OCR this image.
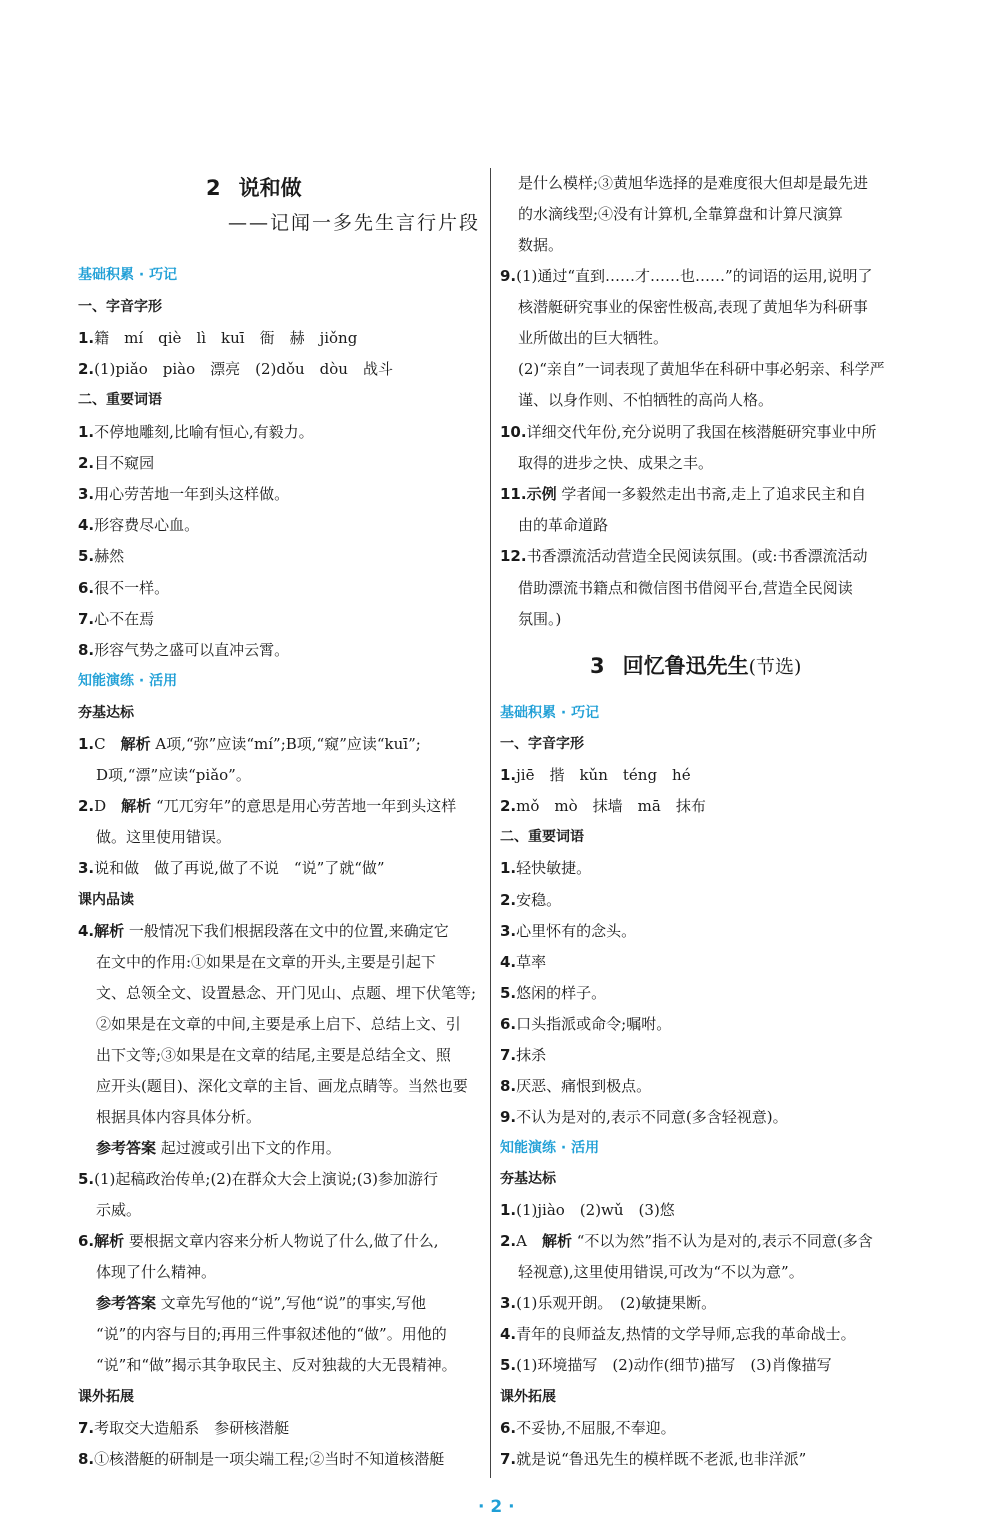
2 说和做
——记闻一多先生言行片段
基础积累 · 巧记
一、字音字形
1.籍　mí　qiè　lì　kuī　衙　赫　jiǒng
2.(1)piǎo　piào　漂亮　(2)dǒu　dòu　战斗
二、重要词语
1.不停地雕刻,比喻有恒心,有毅力。
2.目不窥园
3.用心劳苦地一年到头这样做。
4.形容费尽心血。
5.赫然
6.很不一样。
7.心不在焉
8.形容气势之盛可以直冲云霄。
知能演练 · 活用
夯基达标
1.C　解析 A项,“弥”应读“mí”;B项,“窥”应读“kuī”;
D项,“漂”应读“piǎo”。
2.D　解析 “兀兀穷年”的意思是用心劳苦地一年到头这样
做。这里使用错误。
3.说和做　做了再说,做了不说　“说”了就“做”
课内品读
4.解析 一般情况下我们根据段落在文中的位置,来确定它
在文中的作用:①如果是在文章的开头,主要是引起下
文、总领全文、设置悬念、开门见山、点题、埋下伏笔等;
②如果是在文章的中间,主要是承上启下、总结上文、引
出下文等;③如果是在文章的结尾,主要是总结全文、照
应开头(题目)、深化文章的主旨、画龙点睛等。当然也要
根据具体内容具体分析。
参考答案 起过渡或引出下文的作用。
5.(1)起稿政治传单;(2)在群众大会上演说;(3)参加游行
示威。
6.解析 要根据文章内容来分析人物说了什么,做了什么,
体现了什么精神。
参考答案 文章先写他的“说”,写他“说”的事实,写他
“说”的内容与目的;再用三件事叙述他的“做”。用他的
“说”和“做”揭示其争取民主、反对独裁的大无畏精神。
课外拓展
7.考取交大造船系　参研核潜艇
8.①核潜艇的研制是一项尖端工程;②当时不知道核潜艇
是什么模样;③黄旭华选择的是难度很大但却是最先进
的水滴线型;④没有计算机,全靠算盘和计算尺演算
数据。
9.(1)通过“直到……才……也……”的词语的运用,说明了
核潜艇研究事业的保密性极高,表现了黄旭华为科研事
业所做出的巨大牺牲。
(2)“亲自”一词表现了黄旭华在科研中事必躬亲、科学严
谨、以身作则、不怕牺牲的高尚人格。
10.详细交代年份,充分说明了我国在核潜艇研究事业中所
取得的进步之快、成果之丰。
11.示例 学者闻一多毅然走出书斋,走上了追求民主和自
由的革命道路
12.书香漂流活动营造全民阅读氛围。(或:书香漂流活动
借助漂流书籍点和微信图书借阅平台,营造全民阅读
氛围。)
3 回忆鲁迅先生(节选)
基础积累 · 巧记
一、字音字形
1.jiē　揩　kǔn　téng　hé
2.mǒ　mò　抹墙　mā　抹布
二、重要词语
1.轻快敏捷。
2.安稳。
3.心里怀有的念头。
4.草率
5.悠闲的样子。
6.口头指派或命令;嘱咐。
7.抹杀
8.厌恶、痛恨到极点。
9.不认为是对的,表示不同意(多含轻视意)。
知能演练 · 活用
夯基达标
1.(1)jiào　(2)wǔ　(3)悠
2.A　解析 “不以为然”指不认为是对的,表示不同意(多含
轻视意),这里使用错误,可改为“不以为意”。
3.(1)乐观开朗。　(2)敏捷果断。
4.青年的良师益友,热情的文学导师,忘我的革命战士。
5.(1)环境描写　(2)动作(细节)描写　(3)肖像描写
课外拓展
6.不妥协,不屈服,不奉迎。
7.就是说“鲁迅先生的模样既不老派,也非洋派”
· 2 ·
